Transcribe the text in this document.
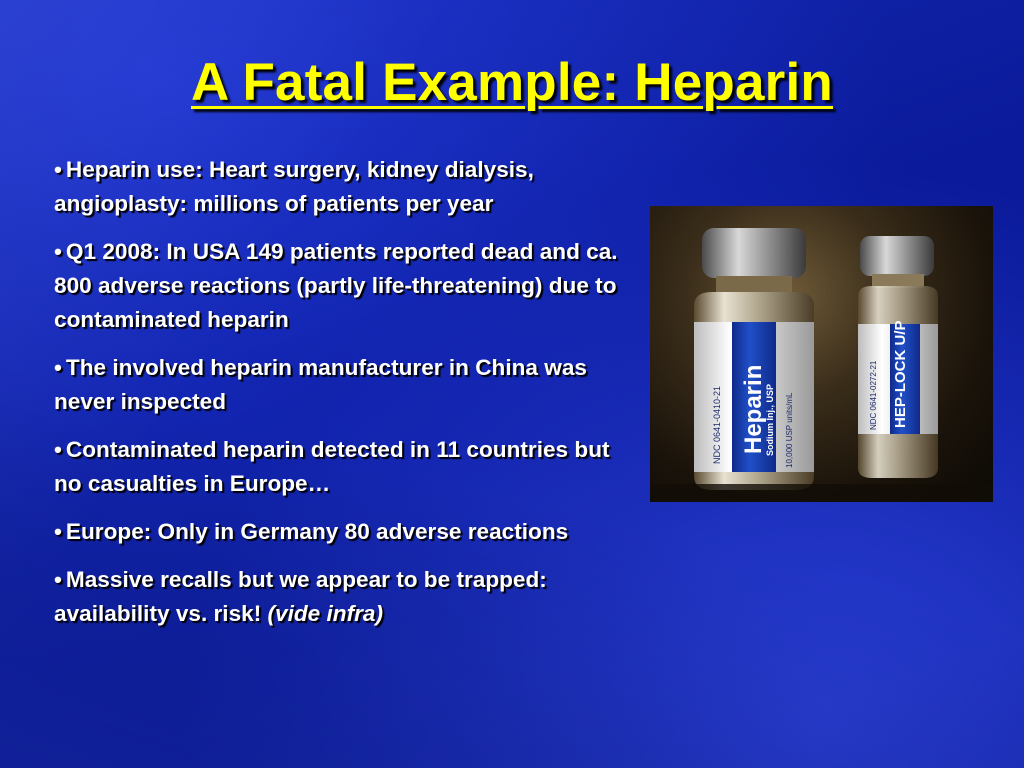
A Fatal Example: Heparin
• Heparin use: Heart surgery, kidney dialysis, angioplasty: millions of patients per year
• Q1 2008: In USA 149 patients reported dead and ca. 800 adverse reactions (partly life-threatening) due to contaminated heparin
• The involved heparin manufacturer in China was never inspected
• Contaminated heparin detected in 11 countries but no casualties in Europe…
• Europe: Only in Germany 80 adverse reactions
• Massive recalls but we appear to be trapped: availability vs. risk! (vide infra)
HEP-LOCK U/P
NDC 0641-0272-21
Heparin
Sodium Inj., USP
NDC 0641-0410-21	10,000 USP units/mL
